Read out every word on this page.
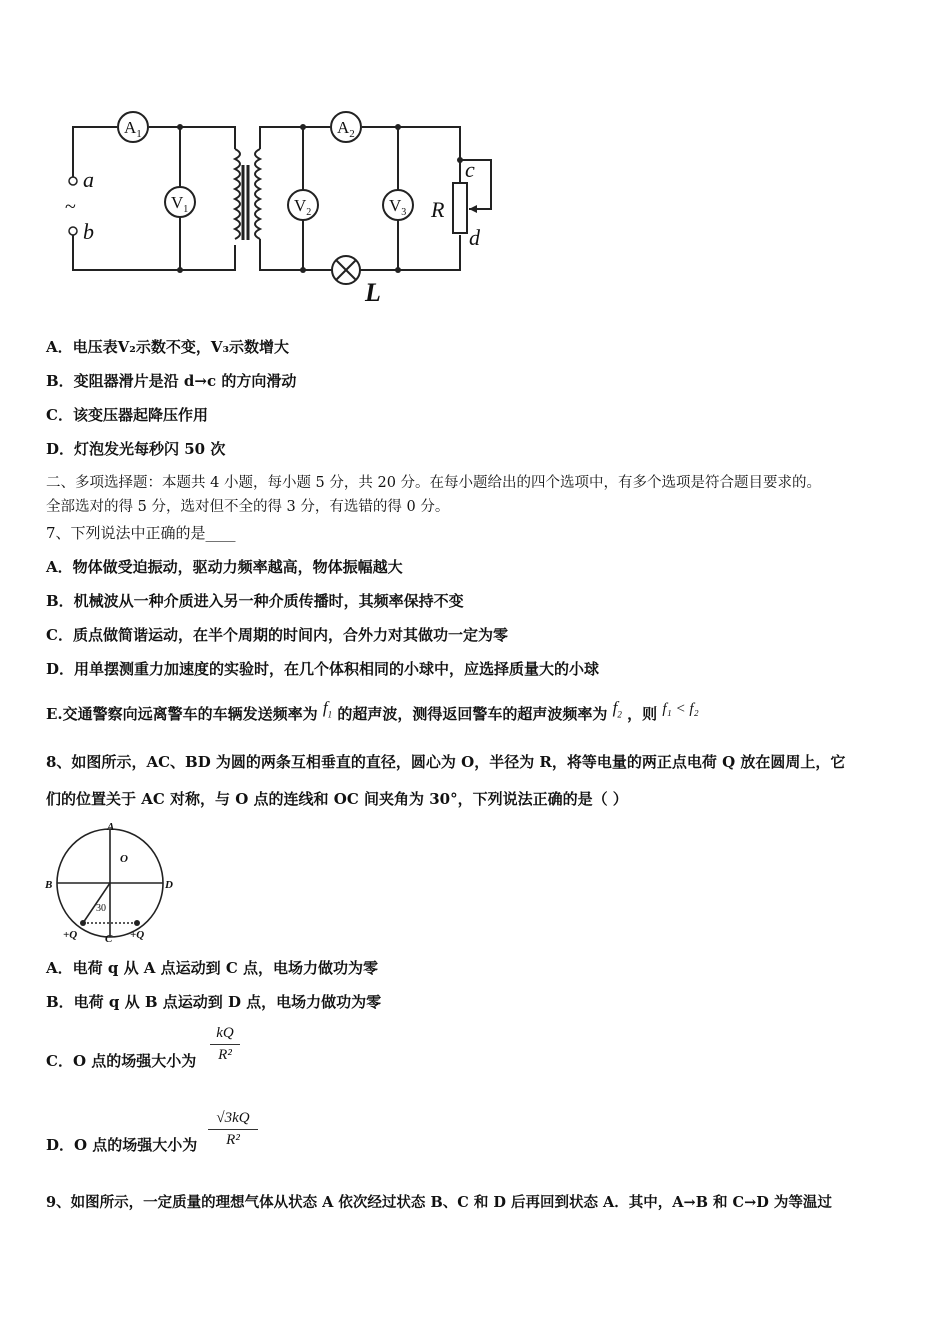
$A_1$	$A_2$
$V_1$	$V_2$	$V_3$
a
b
c
d
R
L
~
A．电压表V₂示数不变，V₃示数增大
B．变阻器滑片是沿 d→c 的方向滑动
C．该变压器起降压作用
D．灯泡发光每秒闪 50 次
二、多项选择题：本题共 4 小题，每小题 5 分，共 20 分。在每小题给出的四个选项中，有多个选项是符合题目要求的。
全部选对的得 5 分，选对但不全的得 3 分，有选错的得 0 分。
7、下列说法中正确的是____
A．物体做受迫振动，驱动力频率越高，物体振幅越大
B．机械波从一种介质进入另一种介质传播时，其频率保持不变
C．质点做简谐运动，在半个周期的时间内，合外力对其做功一定为零
D．用单摆测重力加速度的实验时，在几个体积相同的小球中，应选择质量大的小球
E.交通警察向远离警车的车辆发送频率为 $f_1$ 的超声波，测得返回警车的超声波频率为 $f_2$ ，则 f₁ < f₂
8、如图所示，AC、BD 为圆的两条互相垂直的直径，圆心为 O，半径为 R，将等电量的两正点电荷 Q 放在圆周上，它
们的位置关于 AC 对称，与 O 点的连线和 OC 间夹角为 30°，下列说法正确的是（ ）
A
B	D
O
C
+Q	+Q
30
A．电荷 q 从 A 点运动到 C 点，电场力做功为零
B．电荷 q 从 B 点运动到 D 点，电场力做功为零
C．O 点的场强大小为
kQ
R²
D．O 点的场强大小为
√3kQ
R²
9、如图所示，一定质量的理想气体从状态 A 依次经过状态 B、C 和 D 后再回到状态 A．其中，A→B 和 C→D 为等温过
